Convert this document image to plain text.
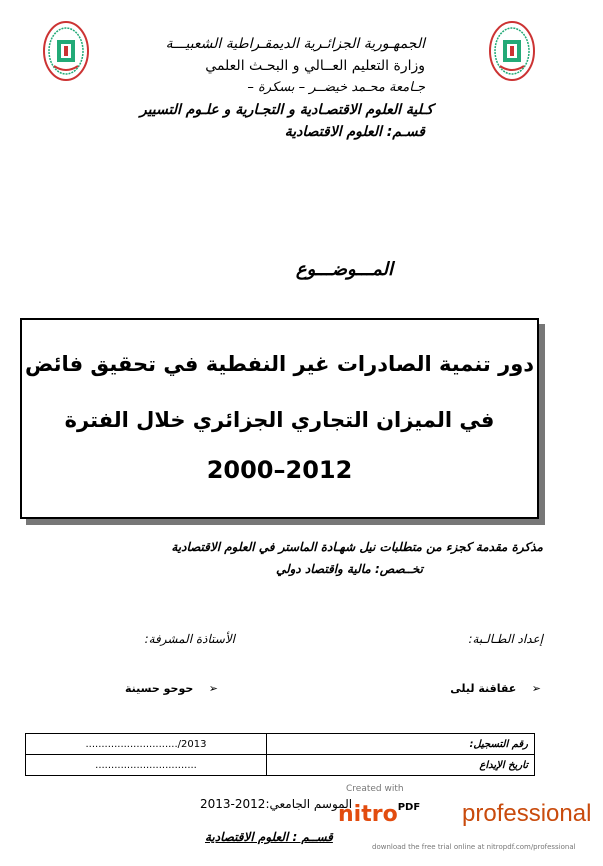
الجمهـورية الجزائـرية الديمقـراطية الشعبيـــة
وزارة التعليم العــالي و البحـث العلمي
جـامعة محـمد خيضــر – بسكرة –
كـلية العلوم الاقتصـادية و التجـارية و علـوم التسيير
قسـم: العلوم الاقتصادية
المـــوضـــوع
دور تنمية الصادرات غير النفطية في تحقيق فائض
في الميزان التجاري الجزائري خلال الفترة
2000–2012
مذكرة مقدمة كجزء من متطلبات نيل شهـادة الماستر في العلوم الاقتصادية
تخــصص: مالية واقتصاد دولي
إعداد الطـالـبة:
الأستاذة المشرفة:
➢ عقاقنة ليلى
➢ حوحو حسينة
............................./2013	رقم التسجيل:
................................	تاريخ الإيداع
الموسم الجامعي:2012-2013
قســم : العلوم الاقتصادية
Created with
nitro$^{PDF}$ professional
download the free trial online at nitropdf.com/professional
